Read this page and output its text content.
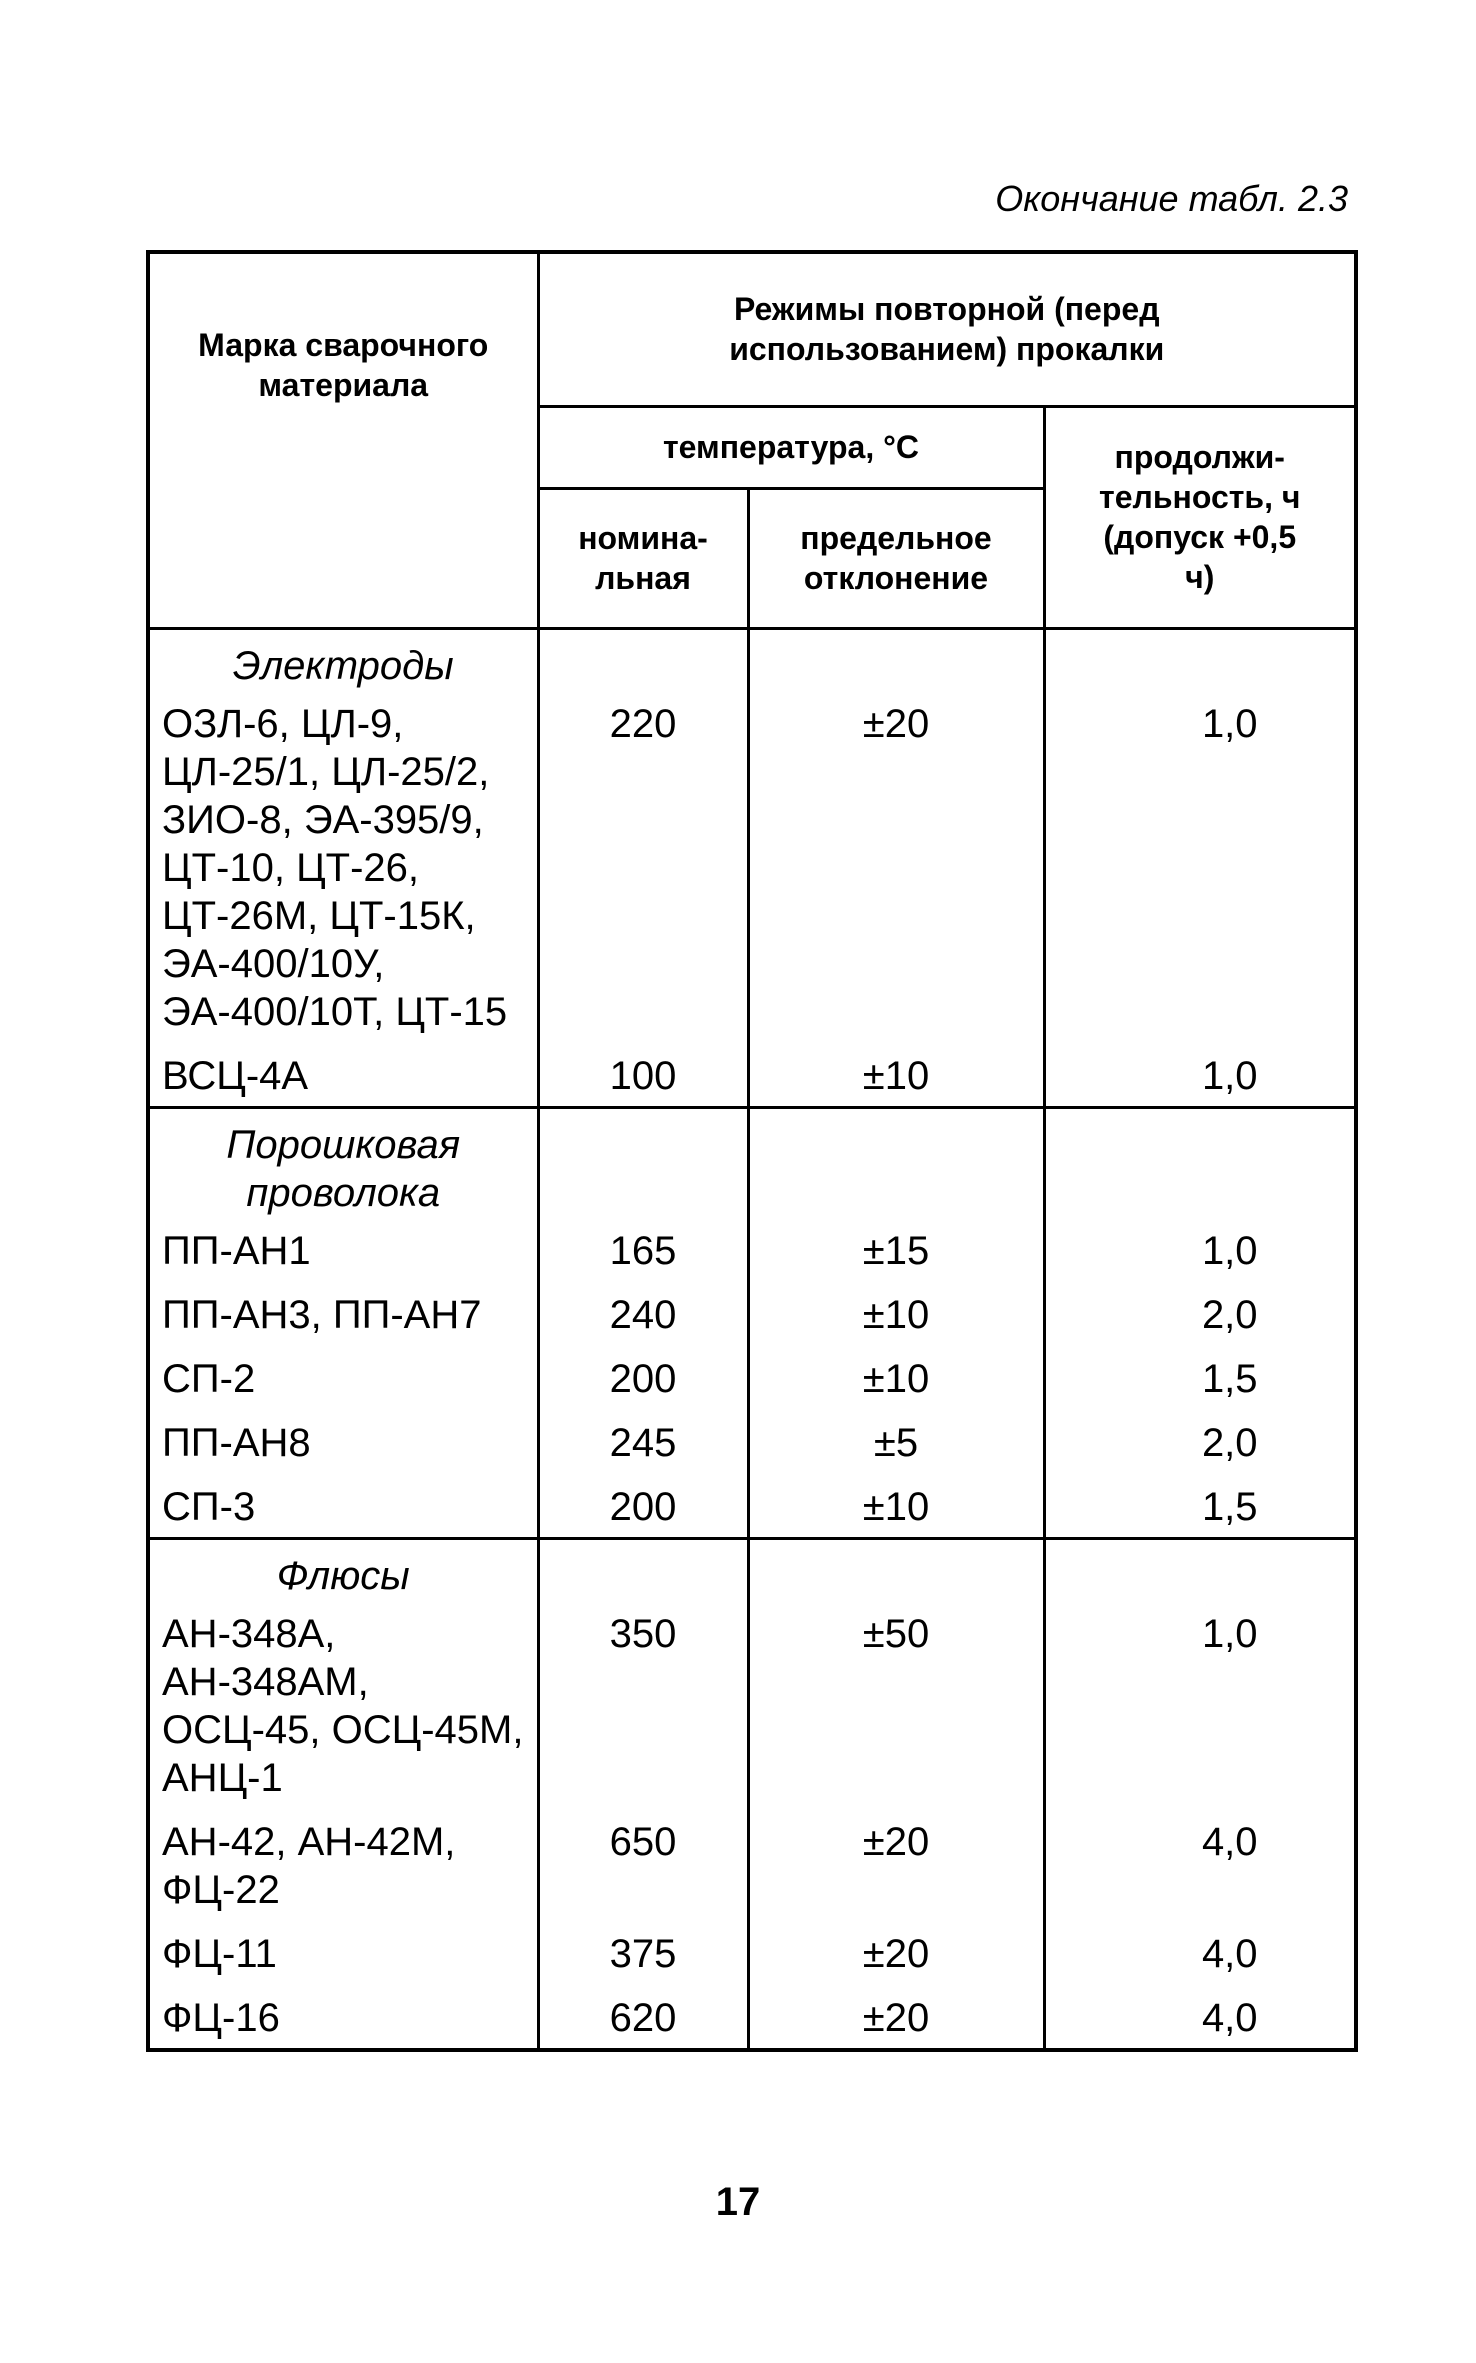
Окончание табл. 2.3
Марка сварочного материала	Режимы повторной (перед использованием) прокалки		
	температура, °С		продолжи-тельность, ч (допуск +0,5 ч)
	номина-льная	предельное отклонение	
Электроды			
ОЗЛ-6, ЦЛ-9, ЦЛ-25/1, ЦЛ-25/2, ЗИО-8, ЭА-395/9, ЦТ-10, ЦТ-26, ЦТ-26М, ЦТ-15К, ЭА-400/10У, ЭА-400/10Т, ЦТ-15	220	±20	1,0
ВСЦ-4А	100	±10	1,0
Порошковая проволока			
ПП-АН1	165	±15	1,0
ПП-АН3, ПП-АН7	240	±10	2,0
СП-2	200	±10	1,5
ПП-АН8	245	±5	2,0
СП-3	200	±10	1,5
Флюсы			
АН-348А, АН-348АМ, ОСЦ-45, ОСЦ-45М, АНЦ-1	350	±50	1,0
АН-42, АН-42М, ФЦ-22	650	±20	4,0
ФЦ-11	375	±20	4,0
ФЦ-16	620	±20	4,0
17
